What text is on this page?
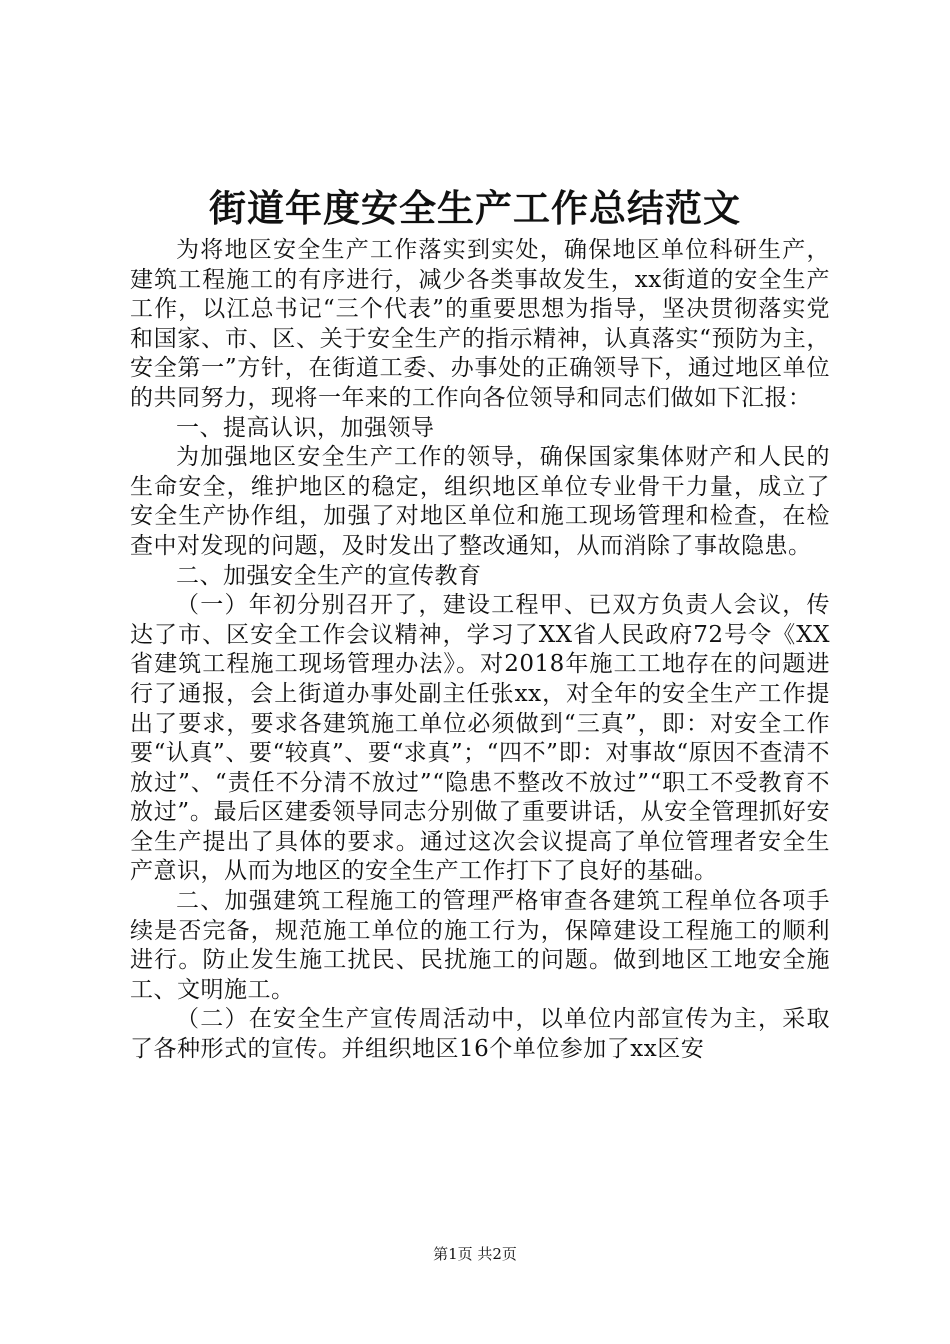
街道年度安全生产工作总结范文

为将地区安全生产工作落实到实处，确保地区单位科研生产，建筑工程施工的有序进行，减少各类事故发生，xx街道的安全生产工作，以江总书记“三个代表”的重要思想为指导，坚决贯彻落实党和国家、市、区、关于安全生产的指示精神，认真落实“预防为主，安全第一”方针，在街道工委、办事处的正确领导下，通过地区单位的共同努力，现将一年来的工作向各位领导和同志们做如下汇报：

一、提高认识，加强领导

为加强地区安全生产工作的领导，确保国家集体财产和人民的生命安全，维护地区的稳定，组织地区单位专业骨干力量，成立了安全生产协作组，加强了对地区单位和施工现场管理和检查，在检查中对发现的问题，及时发出了整改通知，从而消除了事故隐患。

二、加强安全生产的宣传教育

（一）年初分别召开了，建设工程甲、已双方负责人会议，传达了市、区安全工作会议精神，学习了XX省人民政府72号令《XX省建筑工程施工现场管理办法》。对2018年施工工地存在的问题进行了通报，会上街道办事处副主任张xx，对全年的安全生产工作提出了要求，要求各建筑施工单位必须做到“三真”，即：对安全工作要“认真”、要“较真”、要“求真”；“四不”即：对事故“原因不查清不放过”、“责任不分清不放过”“隐患不整改不放过”“职工不受教育不放过”。最后区建委领导同志分别做了重要讲话，从安全管理抓好安全生产提出了具体的要求。通过这次会议提高了单位管理者安全生产意识，从而为地区的安全生产工作打下了良好的基础。

二、加强建筑工程施工的管理严格审查各建筑工程单位各项手续是否完备，规范施工单位的施工行为，保障建设工程施工的顺利进行。防止发生施工扰民、民扰施工的问题。做到地区工地安全施工、文明施工。

（二）在安全生产宣传周活动中，以单位内部宣传为主，采取了各种形式的宣传。并组织地区16个单位参加了xx区安

第1页 共2页
